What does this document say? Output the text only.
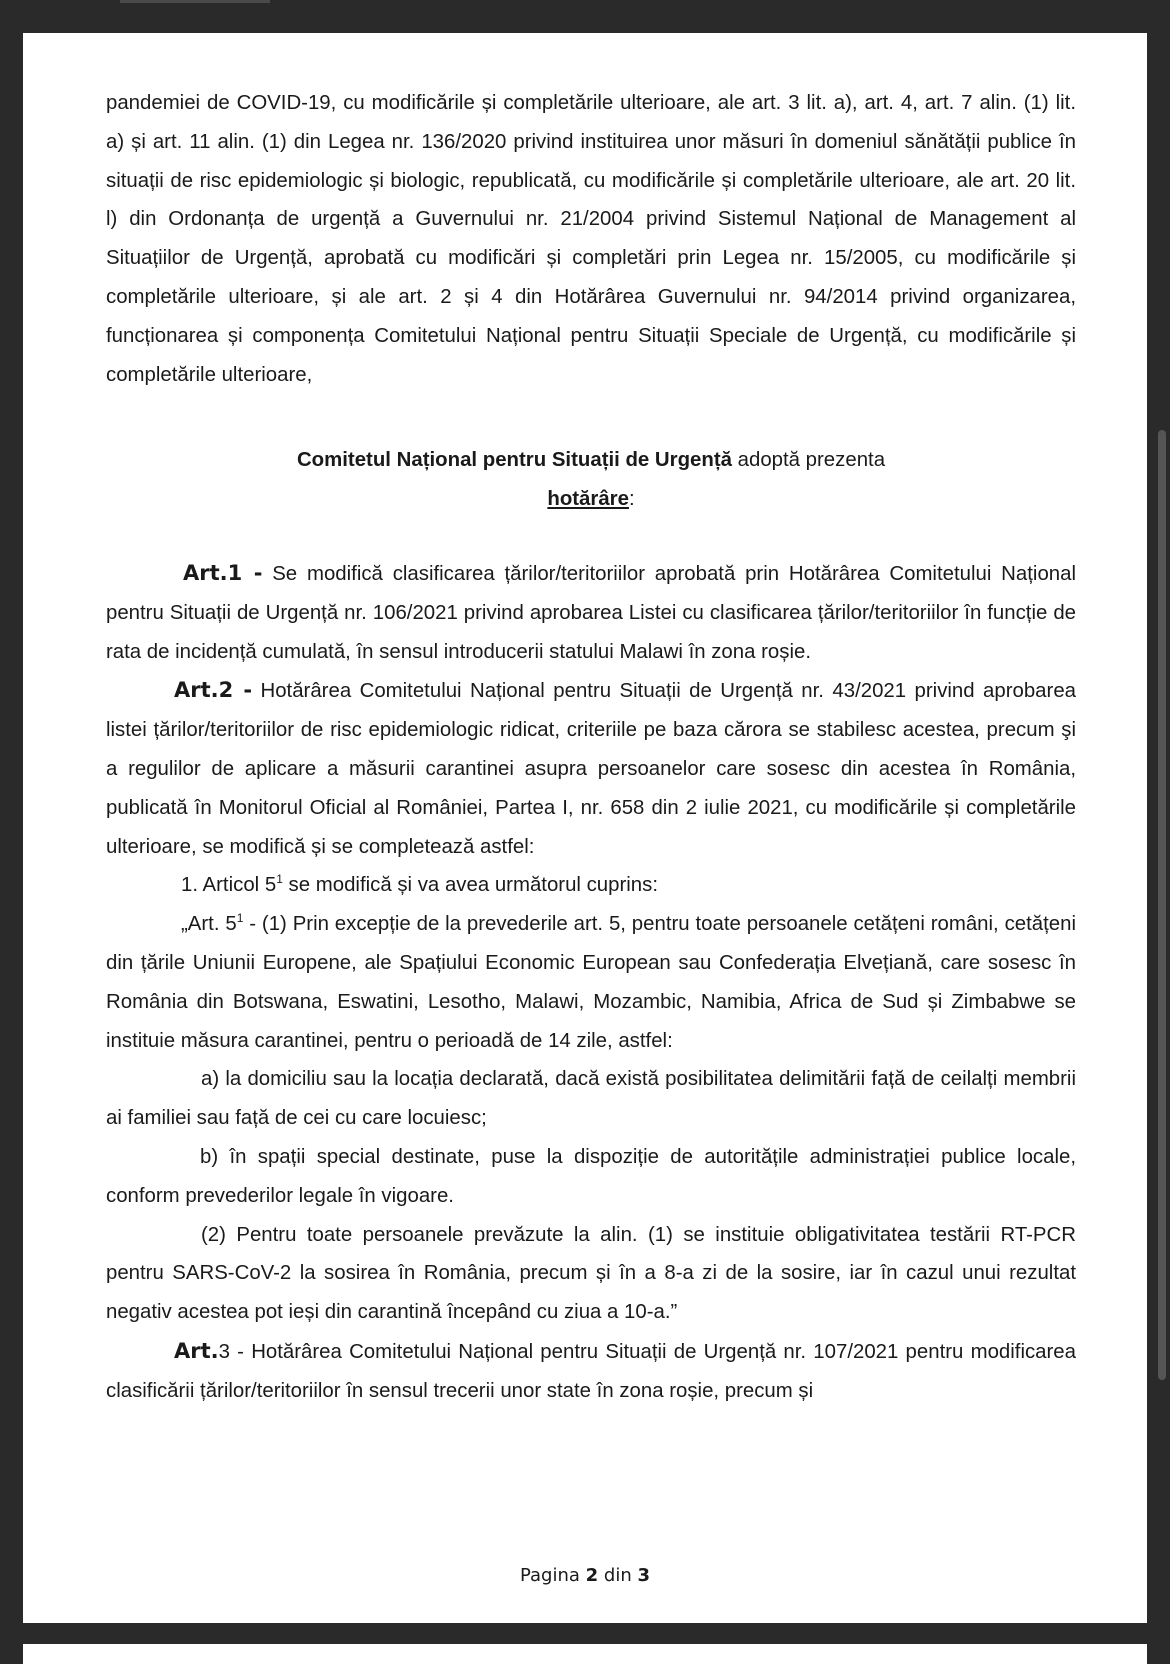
pandemiei de COVID-19, cu modificările și completările ulterioare, ale art. 3 lit. a), art. 4, art. 7 alin. (1) lit. a) și art. 11 alin. (1) din Legea nr. 136/2020 privind instituirea unor măsuri în domeniul sănătății publice în situații de risc epidemiologic și biologic, republicată, cu modificările și completările ulterioare, ale art. 20 lit. l) din Ordonanța de urgență a Guvernului nr. 21/2004 privind Sistemul Național de Management al Situațiilor de Urgență, aprobată cu modificări și completări prin Legea nr. 15/2005, cu modificările și completările ulterioare, și ale art. 2 și 4 din Hotărârea Guvernului nr. 94/2014 privind organizarea, funcționarea și componența Comitetului Național pentru Situații Speciale de Urgență, cu modificările și completările ulterioare,

Comitetul Național pentru Situații de Urgență adoptă prezenta

hotărâre:

Art.1 - Se modifică clasificarea țărilor/teritoriilor aprobată prin Hotărârea Comitetului Național pentru Situații de Urgență nr. 106/2021 privind aprobarea Listei cu clasificarea țărilor/teritoriilor în funcție de rata de incidență cumulată, în sensul introducerii statului Malawi în zona roșie.

Art.2 - Hotărârea Comitetului Național pentru Situații de Urgență nr. 43/2021 privind aprobarea listei țărilor/teritoriilor de risc epidemiologic ridicat, criteriile pe baza cărora se stabilesc acestea, precum şi a regulilor de aplicare a măsurii carantinei asupra persoanelor care sosesc din acestea în România, publicată în Monitorul Oficial al României, Partea I, nr. 658 din 2 iulie 2021, cu modificările și completările ulterioare, se modifică și se completează astfel:

1. Articol $5^1$ se modifică și va avea următorul cuprins:

„Art. $5^1 - (1)$ Prin excepție de la prevederile art. 5, pentru toate persoanele cetățeni români, cetățeni din țările Uniunii Europene, ale Spațiului Economic European sau Confederația Elvețiană, care sosesc în România din Botswana, Eswatini, Lesotho, Malawi, Mozambic, Namibia, Africa de Sud și Zimbabwe se instituie măsura carantinei, pentru o perioadă de 14 zile, astfel:

a) la domiciliu sau la locația declarată, dacă există posibilitatea delimitării față de ceilalți membrii ai familiei sau față de cei cu care locuiesc;

b) în spații special destinate, puse la dispoziție de autoritățile administrației publice locale, conform prevederilor legale în vigoare.

(2) Pentru toate persoanele prevăzute la alin. (1) se instituie obligativitatea testării RT-PCR pentru SARS-CoV-2 la sosirea în România, precum și în a 8-a zi de la sosire, iar în cazul unui rezultat negativ acestea pot ieși din carantină începând cu ziua a 10-a.”

Art.3 - Hotărârea Comitetului Național pentru Situații de Urgență nr. 107/2021 pentru modificarea clasificării țărilor/teritoriilor în sensul trecerii unor state în zona roșie, precum și

Pagina 2 din 3
